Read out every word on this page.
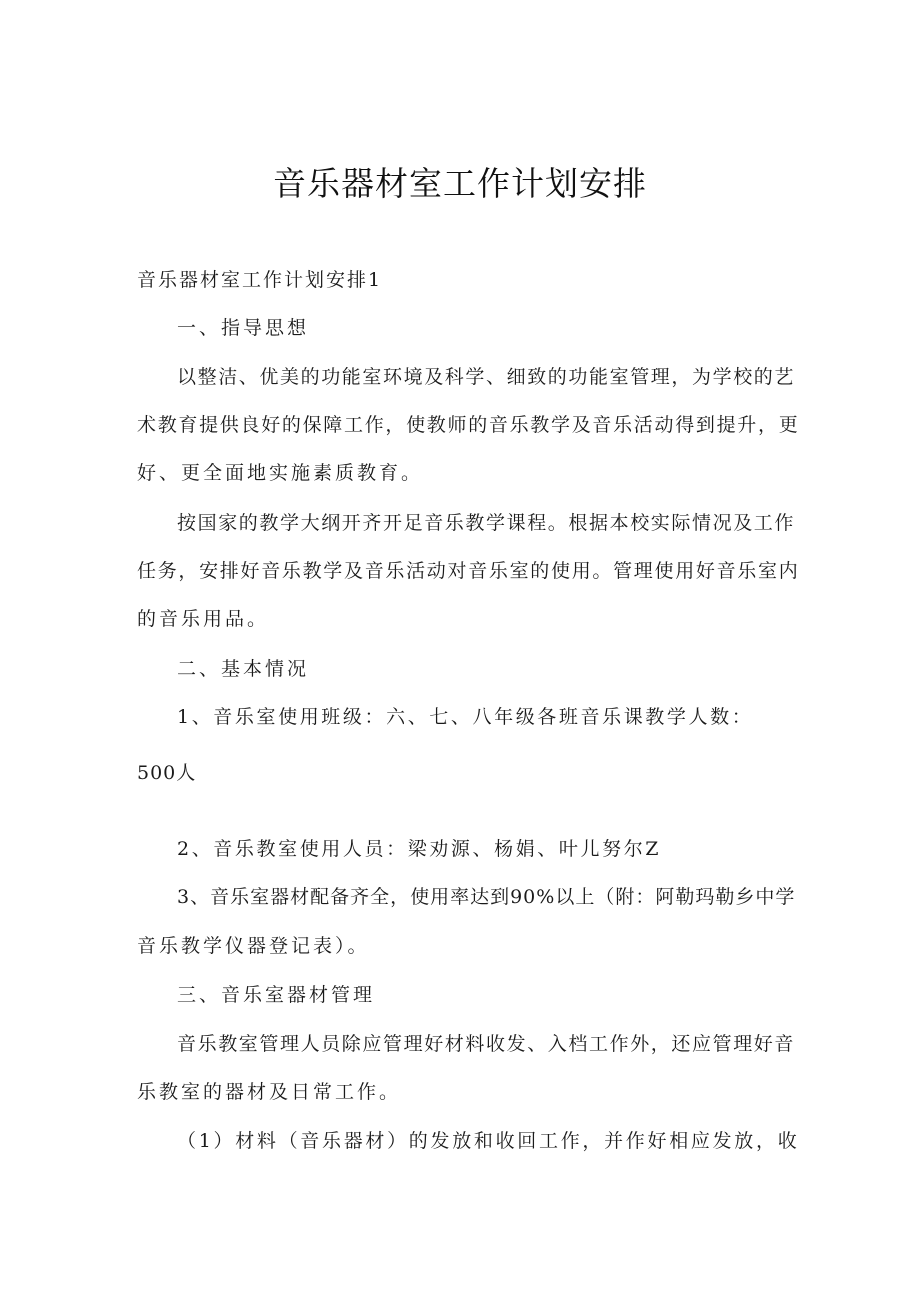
音乐器材室工作计划安排
音乐器材室工作计划安排1
一、指导思想
以整洁、优美的功能室环境及科学、细致的功能室管理，为学校的艺
术教育提供良好的保障工作，使教师的音乐教学及音乐活动得到提升，更
好、更全面地实施素质教育。
按国家的教学大纲开齐开足音乐教学课程。根据本校实际情况及工作
任务，安排好音乐教学及音乐活动对音乐室的使用。管理使用好音乐室内
的音乐用品。
二、基本情况
1、音乐室使用班级：六、七、八年级各班音乐课教学人数：
500人
2、音乐教室使用人员：梁劝源、杨娟、叶儿努尔Z
3、音乐室器材配备齐全，使用率达到90%以上（附：阿勒玛勒乡中学
音乐教学仪器登记表）。
三、音乐室器材管理
音乐教室管理人员除应管理好材料收发、入档工作外，还应管理好音
乐教室的器材及日常工作。
（1）材料（音乐器材）的发放和收回工作，并作好相应发放，收
